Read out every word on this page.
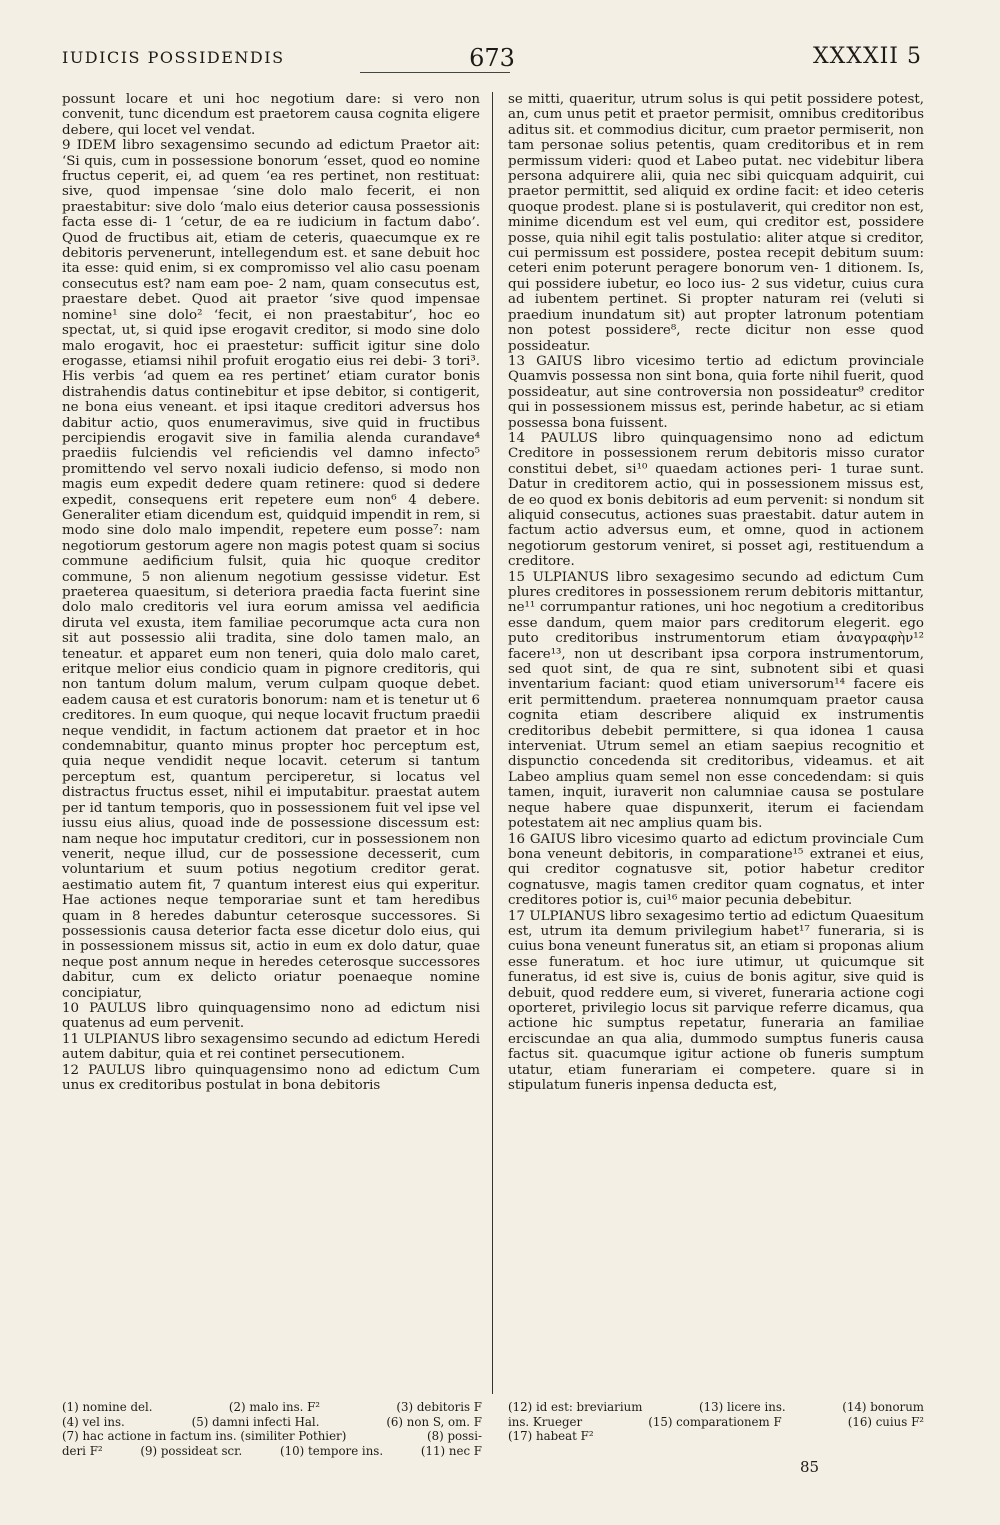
IUDICIS POSSIDENDIS	673	XXXXII 5

possunt locare et uni hoc negotium dare: si vero non convenit, tunc dicendum est praetorem causa cognita eligere debere, qui locet vel vendat.

9 IDEM libro sexagensimo secundo ad edictum Praetor ait: ‘Si quis, cum in possessione bonorum ‘esset, quod eo nomine fructus ceperit, ei, ad quem ‘ea res pertinet, non restituat: sive, quod impensae ‘sine dolo malo fecerit, ei non praestabitur: sive dolo ‘malo eius deterior causa possessionis facta esse di- 1 ‘cetur, de ea re iudicium in factum dabo’. Quod de fructibus ait, etiam de ceteris, quaecumque ex re debitoris pervenerunt, intellegendum est. et sane debuit hoc ita esse: quid enim, si ex compromisso vel alio casu poenam consecutus est? nam eam poe- 2 nam, quam consecutus est, praestare debet. Quod ait praetor ‘sive quod impensae nomine¹ sine dolo² ‘fecit, ei non praestabitur’, hoc eo spectat, ut, si quid ipse erogavit creditor, si modo sine dolo malo erogavit, hoc ei praestetur: sufficit igitur sine dolo erogasse, etiamsi nihil profuit erogatio eius rei debi- 3 tori³. His verbis ‘ad quem ea res pertinet’ etiam curator bonis distrahendis datus continebitur et ipse debitor, si contigerit, ne bona eius veneant. et ipsi itaque creditori adversus hos dabitur actio, quos enumeravimus, sive quid in fructibus percipiendis erogavit sive in familia alenda curandave⁴ praediis fulciendis vel reficiendis vel damno infecto⁵ promittendo vel servo noxali iudicio defenso, si modo non magis eum expedit dedere quam retinere: quod si dedere expedit, consequens erit repetere eum non⁶ 4 debere. Generaliter etiam dicendum est, quidquid impendit in rem, si modo sine dolo malo impendit, repetere eum posse⁷: nam negotiorum gestorum agere non magis potest quam si socius commune aedificium fulsit, quia hic quoque creditor commune, 5 non alienum negotium gessisse videtur. Est praeterea quaesitum, si deteriora praedia facta fuerint sine dolo malo creditoris vel iura eorum amissa vel aedificia diruta vel exusta, item familiae pecorumque acta cura non sit aut possessio alii tradita, sine dolo tamen malo, an teneatur. et apparet eum non teneri, quia dolo malo caret, eritque melior eius condicio quam in pignore creditoris, qui non tantum dolum malum, verum culpam quoque debet. eadem causa et est curatoris bonorum: nam et is tenetur ut 6 creditores. In eum quoque, qui neque locavit fructum praedii neque vendidit, in factum actionem dat praetor et in hoc condemnabitur, quanto minus propter hoc perceptum est, quia neque vendidit neque locavit. ceterum si tantum perceptum est, quantum perciperetur, si locatus vel distractus fructus esset, nihil ei imputabitur. praestat autem per id tantum temporis, quo in possessionem fuit vel ipse vel iussu eius alius, quoad inde de possessione discessum est: nam neque hoc imputatur creditori, cur in possessionem non venerit, neque illud, cur de possessione decesserit, cum voluntarium et suum potius negotium creditor gerat. aestimatio autem fit, 7 quantum interest eius qui experitur. Hae actiones neque temporariae sunt et tam heredibus quam in 8 heredes dabuntur ceterosque successores. Si possessionis causa deterior facta esse dicetur dolo eius, qui in possessionem missus sit, actio in eum ex dolo datur, quae neque post annum neque in heredes ceterosque successores dabitur, cum ex delicto oriatur poenaeque nomine concipiatur,

10 PAULUS libro quinquagensimo nono ad edictum nisi quatenus ad eum pervenit.

11 ULPIANUS libro sexagensimo secundo ad edictum Heredi autem dabitur, quia et rei continet persecutionem.

12 PAULUS libro quinquagensimo nono ad edictum Cum unus ex creditoribus postulat in bona debitoris

se mitti, quaeritur, utrum solus is qui petit possidere potest, an, cum unus petit et praetor permisit, omnibus creditoribus aditus sit. et commodius dicitur, cum praetor permiserit, non tam personae solius petentis, quam creditoribus et in rem permissum videri: quod et Labeo putat. nec videbitur libera persona adquirere alii, quia nec sibi quicquam adquirit, cui praetor permittit, sed aliquid ex ordine facit: et ideo ceteris quoque prodest. plane si is postulaverit, qui creditor non est, minime dicendum est vel eum, qui creditor est, possidere posse, quia nihil egit talis postulatio: aliter atque si creditor, cui permissum est possidere, postea recepit debitum suum: ceteri enim poterunt peragere bonorum ven- 1 ditionem. Is, qui possidere iubetur, eo loco ius- 2 sus videtur, cuius cura ad iubentem pertinet. Si propter naturam rei (veluti si praedium inundatum sit) aut propter latronum potentiam non potest possidere⁸, recte dicitur non esse quod possideatur.

13 GAIUS libro vicesimo tertio ad edictum provinciale Quamvis possessa non sint bona, quia forte nihil fuerit, quod possideatur, aut sine controversia non possideatur⁹ creditor qui in possessionem missus est, perinde habetur, ac si etiam possessa bona fuissent.

14 PAULUS libro quinquagensimo nono ad edictum Creditore in possessionem rerum debitoris misso curator constitui debet, si¹⁰ quaedam actiones peri- 1 turae sunt. Datur in creditorem actio, qui in possessionem missus est, de eo quod ex bonis debitoris ad eum pervenit: si nondum sit aliquid consecutus, actiones suas praestabit. datur autem in factum actio adversus eum, et omne, quod in actionem negotiorum gestorum veniret, si posset agi, restituendum a creditore.

15 ULPIANUS libro sexagesimo secundo ad edictum Cum plures creditores in possessionem rerum debitoris mittantur, ne¹¹ corrumpantur rationes, uni hoc negotium a creditoribus esse dandum, quem maior pars creditorum elegerit. ego puto creditoribus instrumentorum etiam ἀναγραφὴν¹² facere¹³, non ut describant ipsa corpora instrumentorum, sed quot sint, de qua re sint, subnotent sibi et quasi inventarium faciant: quod etiam universorum¹⁴ facere eis erit permittendum. praeterea nonnumquam praetor causa cognita etiam describere aliquid ex instrumentis creditoribus debebit permittere, si qua idonea 1 causa interveniat. Utrum semel an etiam saepius recognitio et dispunctio concedenda sit creditoribus, videamus. et ait Labeo amplius quam semel non esse concedendam: si quis tamen, inquit, iuraverit non calumniae causa se postulare neque habere quae dispunxerit, iterum ei faciendam potestatem ait nec amplius quam bis.

16 GAIUS libro vicesimo quarto ad edictum provinciale Cum bona veneunt debitoris, in comparatione¹⁵ extranei et eius, qui creditor cognatusve sit, potior habetur creditor cognatusve, magis tamen creditor quam cognatus, et inter creditores potior is, cui¹⁶ maior pecunia debebitur.

17 ULPIANUS libro sexagesimo tertio ad edictum Quaesitum est, utrum ita demum privilegium habet¹⁷ funeraria, si is cuius bona veneunt funeratus sit, an etiam si proponas alium esse funeratum. et hoc iure utimur, ut quicumque sit funeratus, id est sive is, cuius de bonis agitur, sive quid is debuit, quod reddere eum, si viveret, funeraria actione cogi oporteret, privilegio locus sit parvique referre dicamus, qua actione hic sumptus repetatur, funeraria an familiae erciscundae an qua alia, dummodo sumptus funeris causa factus sit. quacumque igitur actione ob funeris sumptum utatur, etiam funerariam ei competere. quare si in stipulatum funeris inpensa deducta est,

(1) nomine del.	(2) malo ins. F²	(3) debitoris F
(4) vel ins.	(5) damni infecti Hal.	(6) non S, om. F
(7) hac actione in factum ins. (similiter Pothier)	(8) possi-
deri F²	(9) possideat scr.	(10) tempore ins.	(11) nec F
(12) id est: breviarium	(13) licere ins.	(14) bonorum
ins. Krueger	(15) comparationem F	(16) cuius F²
(17) habeat F²
85
